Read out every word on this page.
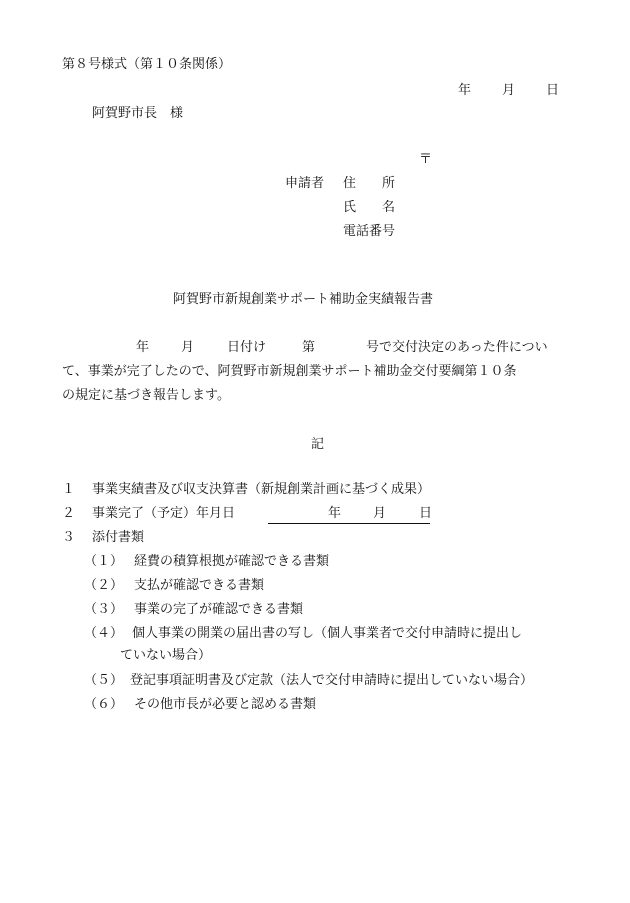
第８号様式（第１０条関係）
年 月 日
阿賀野市長　様
〒
申請者 住　　所
氏　　名
電話番号
阿賀野市新規創業サポート補助金実績報告書
年 月	日付け	第	号で交付決定のあった件につい
て、事業が完了したので、阿賀野市新規創業サポート補助金交付要綱第１０条
の規定に基づき報告します。
記
１ 事業実績書及び収支決算書（新規創業計画に基づく成果）
２ 事業完了（予定）年月日	年 月	日
３ 添付書類
（１） 経費の積算根拠が確認できる書類
（２） 支払が確認できる書類
（３） 事業の完了が確認できる書類
（４） 個人事業の開業の届出書の写し（個人事業者で交付申請時に提出し
ていない場合）
（５） 登記事項証明書及び定款（法人で交付申請時に提出していない場合）
（６） その他市長が必要と認める書類
